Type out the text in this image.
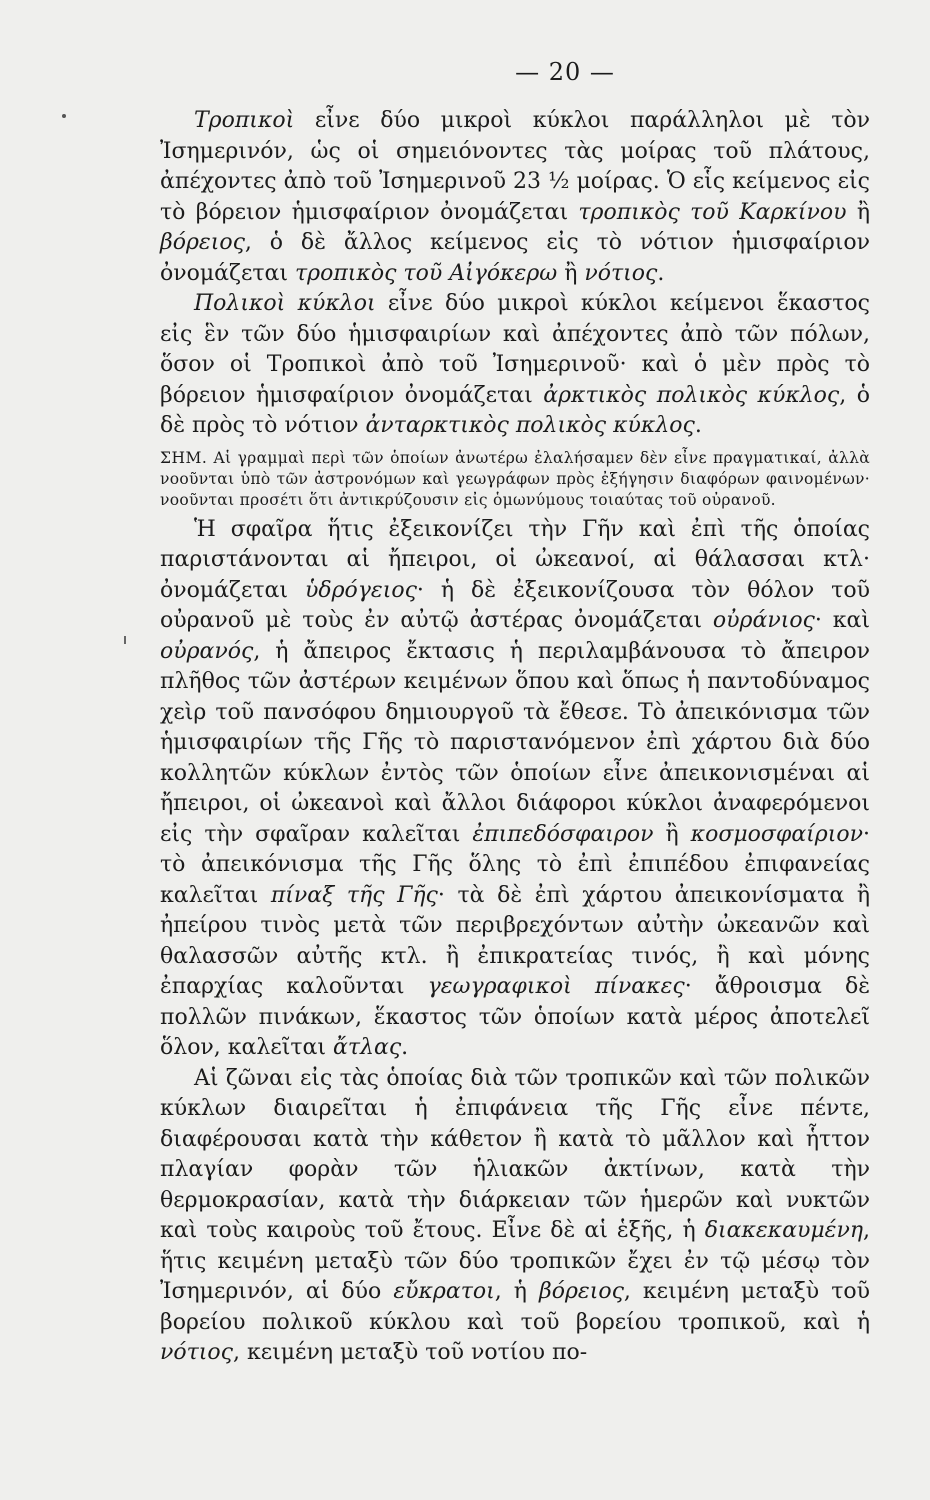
— 20 —

Τροπικοὶ εἶνε δύο μικροὶ κύκλοι παράλληλοι μὲ τὸν Ἰσημερινόν, ὡς οἱ σημειόνοντες τὰς μοίρας τοῦ πλάτους, ἀπέχοντες ἀπὸ τοῦ Ἰσημερινοῦ 23 ½ μοίρας. Ὁ εἷς κείμενος εἰς τὸ βόρειον ἡμισφαίριον ὀνομάζεται τροπικὸς τοῦ Καρκίνου ἢ βόρειος, ὁ δὲ ἄλλος κείμενος εἰς τὸ νότιον ἡμισφαίριον ὀνομάζεται τροπικὸς τοῦ Αἰγόκερω ἢ νότιος.

Πολικοὶ κύκλοι εἶνε δύο μικροὶ κύκλοι κείμενοι ἕκαστος εἰς ἓν τῶν δύο ἡμισφαιρίων καὶ ἀπέχοντες ἀπὸ τῶν πόλων, ὅσον οἱ Τροπικοὶ ἀπὸ τοῦ Ἰσημερινοῦ· καὶ ὁ μὲν πρὸς τὸ βόρειον ἡμισφαίριον ὀνομάζεται ἀρκτικὸς πολικὸς κύκλος, ὁ δὲ πρὸς τὸ νότιον ἀνταρκτικὸς πολικὸς κύκλος.

ΣΗΜ. Αἱ γραμμαὶ περὶ τῶν ὁποίων ἀνωτέρω ἐλαλήσαμεν δὲν εἶνε πραγματικαί, ἀλλὰ νοοῦνται ὑπὸ τῶν ἀστρονόμων καὶ γεωγράφων πρὸς ἐξήγησιν διαφόρων φαινομένων· νοοῦνται προσέτι ὅτι ἀντικρύζουσιν εἰς ὁμωνύμους τοιαύτας τοῦ οὐρανοῦ.

Ἡ σφαῖρα ἥτις ἐξεικονίζει τὴν Γῆν καὶ ἐπὶ τῆς ὁποίας παριστάνονται αἱ ἤπειροι, οἱ ὠκεανοί, αἱ θάλασσαι κτλ· ὀνομάζεται ὑδρόγειος· ἡ δὲ ἐξεικονίζουσα τὸν θόλον τοῦ οὐρανοῦ μὲ τοὺς ἐν αὐτῷ ἀστέρας ὀνομάζεται οὐράνιος· καὶ οὐρανός, ἡ ἄπειρος ἔκτασις ἡ περιλαμβάνουσα τὸ ἄπειρον πλῆθος τῶν ἀστέρων κειμένων ὅπου καὶ ὅπως ἡ παντοδύναμος χεὶρ τοῦ πανσόφου δημιουργοῦ τὰ ἔθεσε. Τὸ ἀπεικόνισμα τῶν ἡμισφαιρίων τῆς Γῆς τὸ παριστανόμενον ἐπὶ χάρτου διὰ δύο κολλητῶν κύκλων ἐντὸς τῶν ὁποίων εἶνε ἀπεικονισμέναι αἱ ἤπειροι, οἱ ὠκεανοὶ καὶ ἄλλοι διάφοροι κύκλοι ἀναφερόμενοι εἰς τὴν σφαῖραν καλεῖται ἐπιπεδόσφαιρον ἢ κοσμοσφαίριον· τὸ ἀπεικόνισμα τῆς Γῆς ὅλης τὸ ἐπὶ ἐπιπέδου ἐπιφανείας καλεῖται πίναξ τῆς Γῆς· τὰ δὲ ἐπὶ χάρτου ἀπεικονίσματα ἢ ἠπείρου τινὸς μετὰ τῶν περιβρεχόντων αὐτὴν ὠκεανῶν καὶ θαλασσῶν αὐτῆς κτλ. ἢ ἐπικρατείας τινός, ἢ καὶ μόνης ἐπαρχίας καλοῦνται γεωγραφικοὶ πίνακες· ἄθροισμα δὲ πολλῶν πινάκων, ἕκαστος τῶν ὁποίων κατὰ μέρος ἀποτελεῖ ὅλον, καλεῖται ἄτλας.

Αἱ ζῶναι εἰς τὰς ὁποίας διὰ τῶν τροπικῶν καὶ τῶν πολικῶν κύκλων διαιρεῖται ἡ ἐπιφάνεια τῆς Γῆς εἶνε πέντε, διαφέρουσαι κατὰ τὴν κάθετον ἢ κατὰ τὸ μᾶλλον καὶ ἧττον πλαγίαν φορὰν τῶν ἡλιακῶν ἀκτίνων, κατὰ τὴν θερμοκρασίαν, κατὰ τὴν διάρκειαν τῶν ἡμερῶν καὶ νυκτῶν καὶ τοὺς καιροὺς τοῦ ἔτους. Εἶνε δὲ αἱ ἑξῆς, ἡ διακεκαυμένη, ἥτις κειμένη μεταξὺ τῶν δύο τροπικῶν ἔχει ἐν τῷ μέσῳ τὸν Ἰσημερινόν, αἱ δύο εὔκρατοι, ἡ βόρειος, κειμένη μεταξὺ τοῦ βορείου πολικοῦ κύκλου καὶ τοῦ βορείου τροπικοῦ, καὶ ἡ νότιος, κειμένη μεταξὺ τοῦ νοτίου πο-
